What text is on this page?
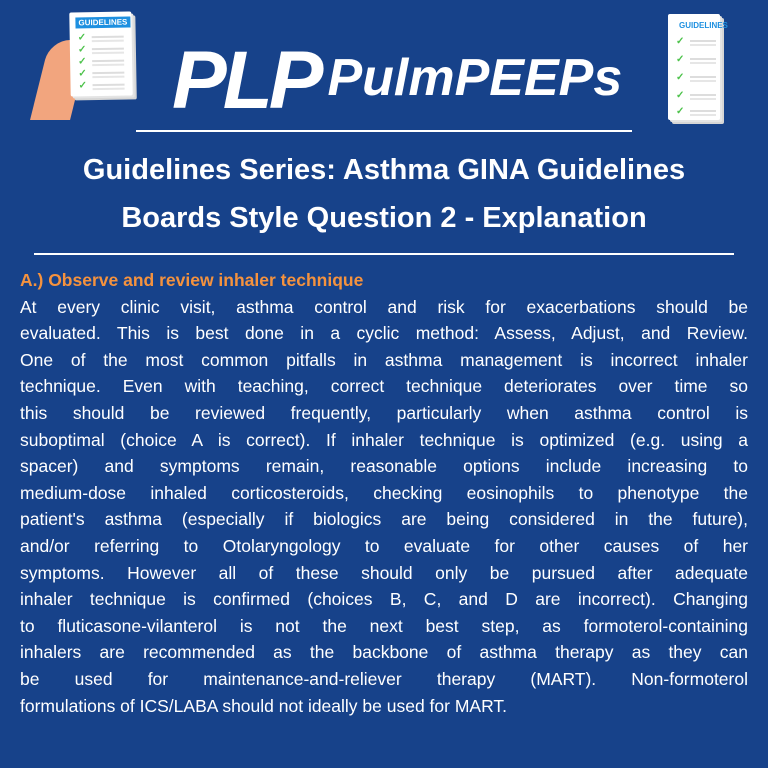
GUIDELINES
✓
✓
✓
✓
✓
GUIDELINES
✓
✓
✓
✓
✓
PLP PulmPEEPs
Guidelines Series: Asthma GINA Guidelines
Boards Style Question 2 - Explanation
A.) Observe and review inhaler technique
At every clinic visit, asthma control and risk for exacerbations should be
evaluated. This is best done in a cyclic method: Assess, Adjust, and Review.
One of the most common pitfalls in asthma management is incorrect inhaler
technique. Even with teaching, correct technique deteriorates over time so
this should be reviewed frequently, particularly when asthma control is
suboptimal (choice A is correct). If inhaler technique is optimized (e.g. using a
spacer) and symptoms remain, reasonable options include increasing to
medium-dose inhaled corticosteroids, checking eosinophils to phenotype the
patient's asthma (especially if biologics are being considered in the future),
and/or referring to Otolaryngology to evaluate for other causes of her
symptoms. However all of these should only be pursued after adequate
inhaler technique is confirmed (choices B, C, and D are incorrect). Changing
to fluticasone-vilanterol is not the next best step, as formoterol-containing
inhalers are recommended as the backbone of asthma therapy as they can
be used for maintenance-and-reliever therapy (MART). Non-formoterol
formulations of ICS/LABA should not ideally be used for MART.
